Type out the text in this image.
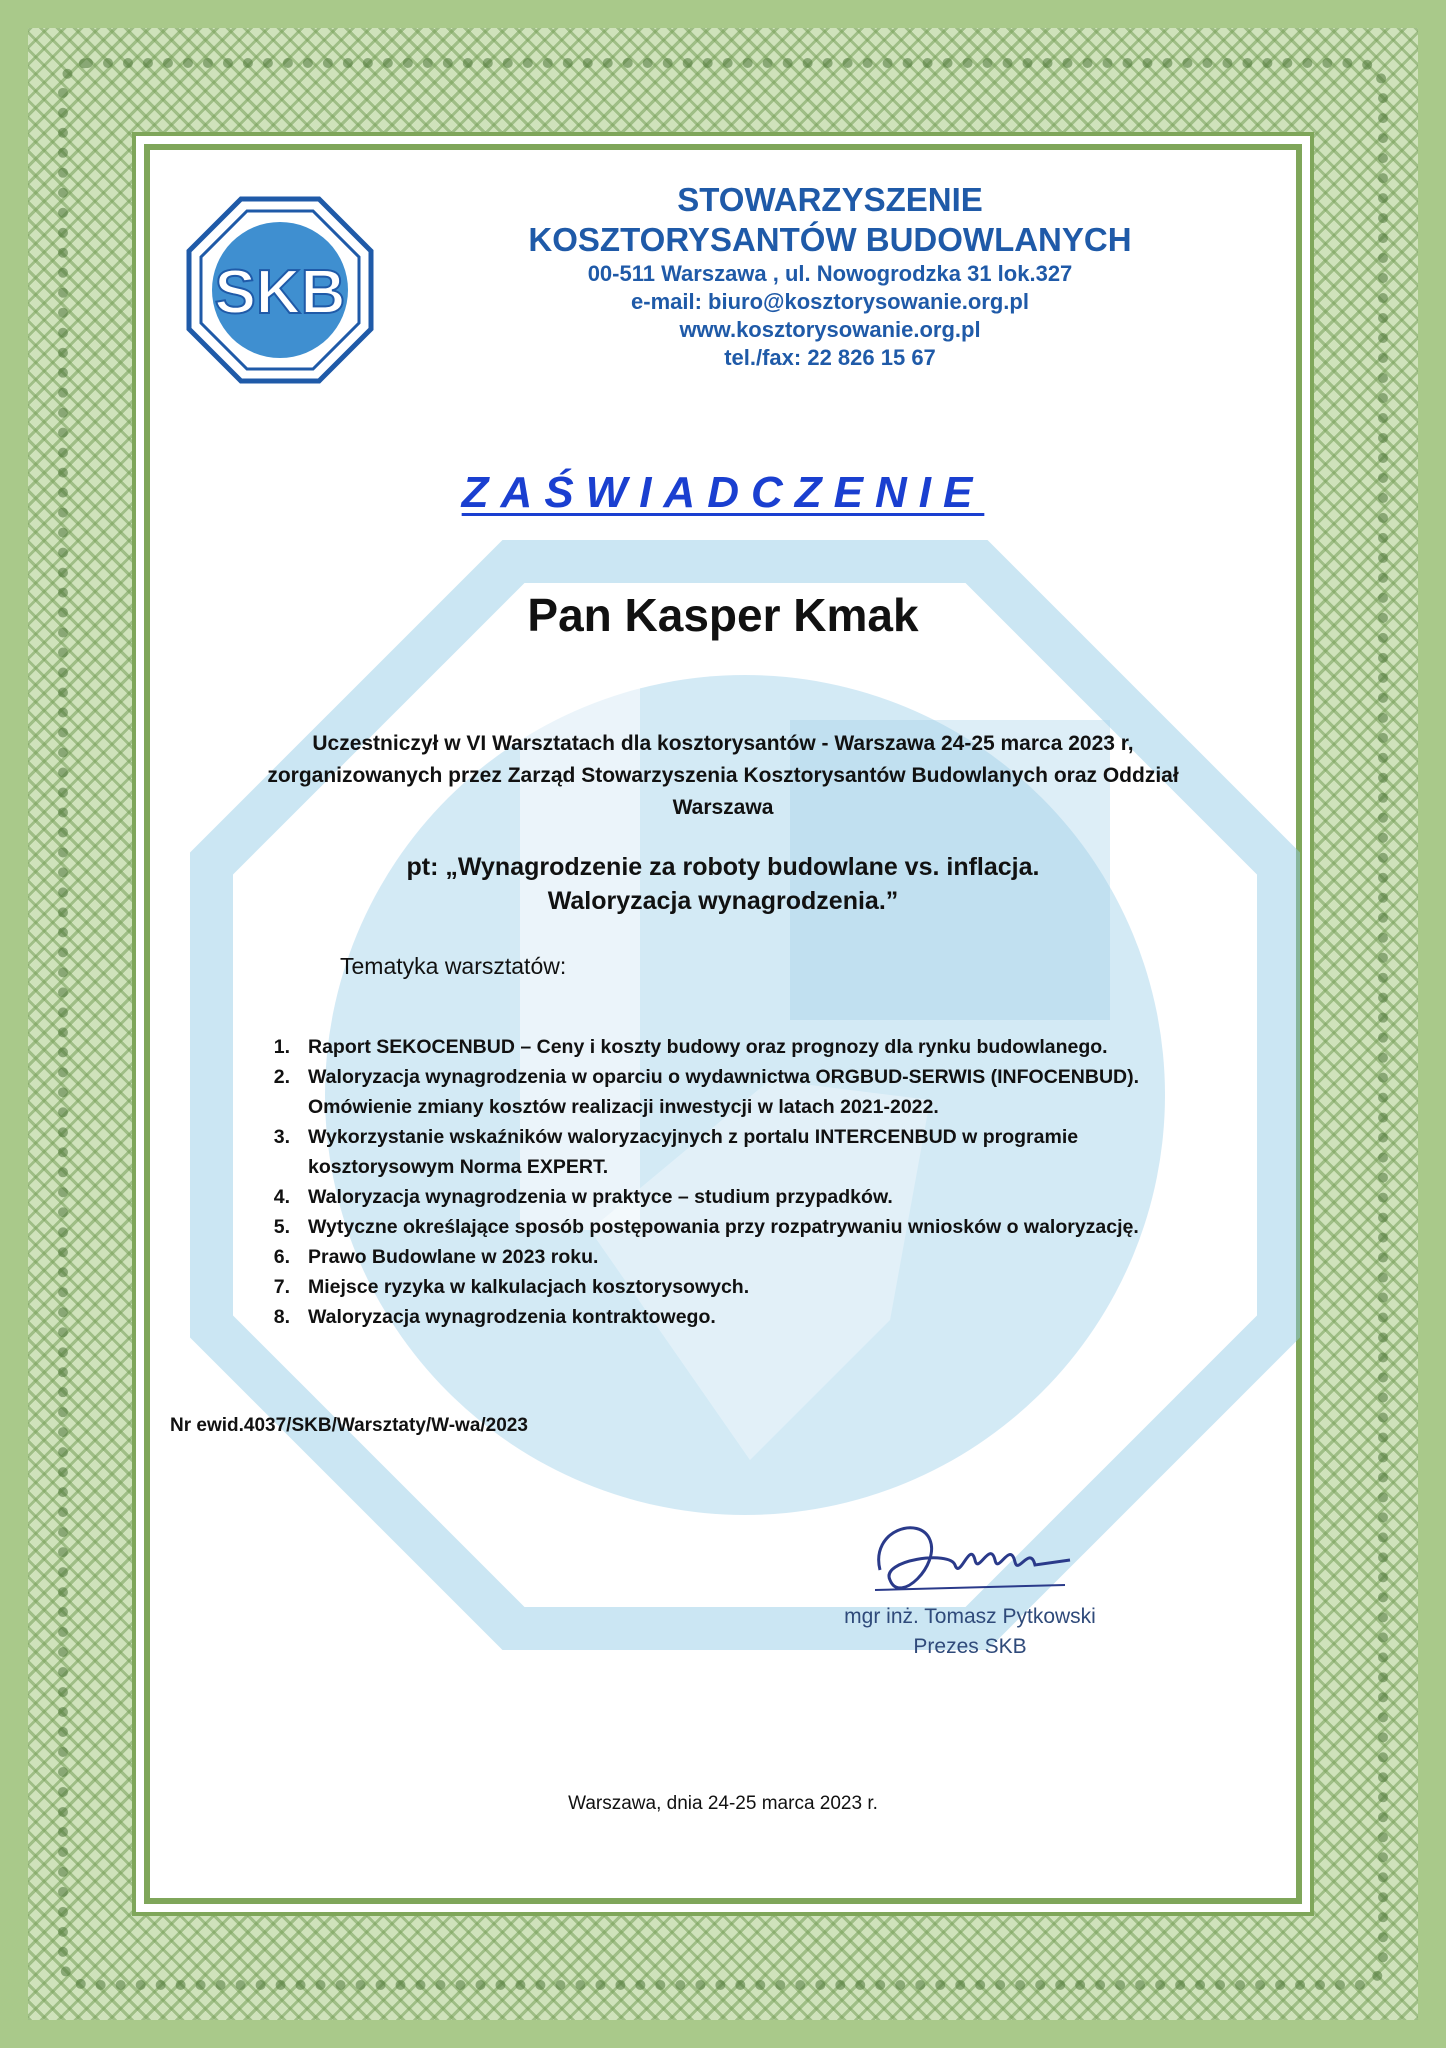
SKB
STOWARZYSZENIE
KOSZTORYSANTÓW BUDOWLANYCH
00-511 Warszawa , ul. Nowogrodzka 31 lok.327
e-mail: biuro@kosztorysowanie.org.pl
www.kosztorysowanie.org.pl
tel./fax: 22 826 15 67
ZAŚWIADCZENIE
Pan Kasper Kmak
Uczestniczył w VI Warsztatach dla kosztorysantów - Warszawa 24-25 marca 2023 r,
zorganizowanych przez Zarząd Stowarzyszenia Kosztorysantów Budowlanych oraz Oddział
Warszawa
pt: „Wynagrodzenie za roboty budowlane vs. inflacja.
Waloryzacja wynagrodzenia.”
Tematyka warsztatów:
1. Raport SEKOCENBUD – Ceny i koszty budowy oraz prognozy dla rynku budowlanego.
2. Waloryzacja wynagrodzenia w oparciu o wydawnictwa ORGBUD-SERWIS (INFOCENBUD).
Omówienie zmiany kosztów realizacji inwestycji w latach 2021-2022.
3. Wykorzystanie wskaźników waloryzacyjnych z portalu INTERCENBUD w programie
kosztorysowym Norma EXPERT.
4. Waloryzacja wynagrodzenia w praktyce – studium przypadków.
5. Wytyczne określające sposób postępowania przy rozpatrywaniu wniosków o waloryzację.
6. Prawo Budowlane w 2023 roku.
7. Miejsce ryzyka w kalkulacjach kosztorysowych.
8. Waloryzacja wynagrodzenia kontraktowego.
Nr ewid.4037/SKB/Warsztaty/W-wa/2023
mgr inż. Tomasz Pytkowski
Prezes SKB
Warszawa, dnia 24-25 marca 2023 r.
